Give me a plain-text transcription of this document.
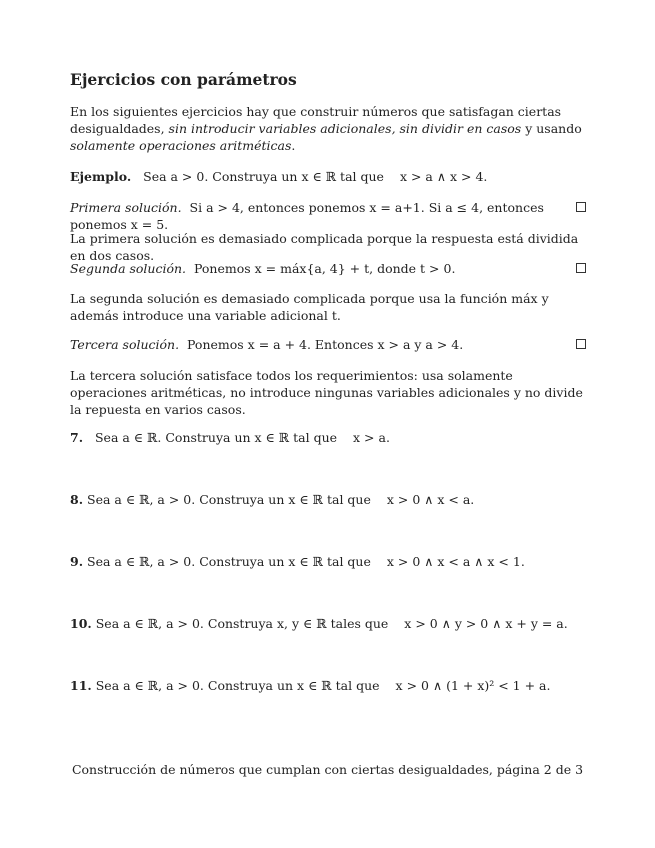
Ejercicios con parámetros

En los siguientes ejercicios hay que construir números que satisfagan ciertas desigualdades, sin introducir variables adicionales, sin dividir en casos y usando solamente operaciones aritméticas.

Ejemplo. Sea a > 0. Construya un x ∈ ℝ tal que x > a ∧ x > 4.

Primera solución. Si a > 4, entonces ponemos x = a+1. Si a ≤ 4, entonces ponemos x = 5.

La primera solución es demasiado complicada porque la respuesta está dividida en dos casos.

Segunda solución. Ponemos x = máx{a, 4} + t, donde t > 0.

La segunda solución es demasiado complicada porque usa la función máx y además introduce una variable adicional t.

Tercera solución. Ponemos x = a + 4. Entonces x > a y a > 4.

La tercera solución satisface todos los requerimientos: usa solamente operaciones aritméticas, no introduce ningunas variables adicionales y no divide la repuesta en varios casos.

7. Sea a ∈ ℝ. Construya un x ∈ ℝ tal que x > a.

8. Sea a ∈ ℝ, a > 0. Construya un x ∈ ℝ tal que x > 0 ∧ x < a.

9. Sea a ∈ ℝ, a > 0. Construya un x ∈ ℝ tal que x > 0 ∧ x < a ∧ x < 1.

10. Sea a ∈ ℝ, a > 0. Construya x, y ∈ ℝ tales que x > 0 ∧ y > 0 ∧ x + y = a.

11. Sea a ∈ ℝ, a > 0. Construya un x ∈ ℝ tal que x > 0 ∧ (1 + x)² < 1 + a.

Construcción de números que cumplan con ciertas desigualdades, página 2 de 3
